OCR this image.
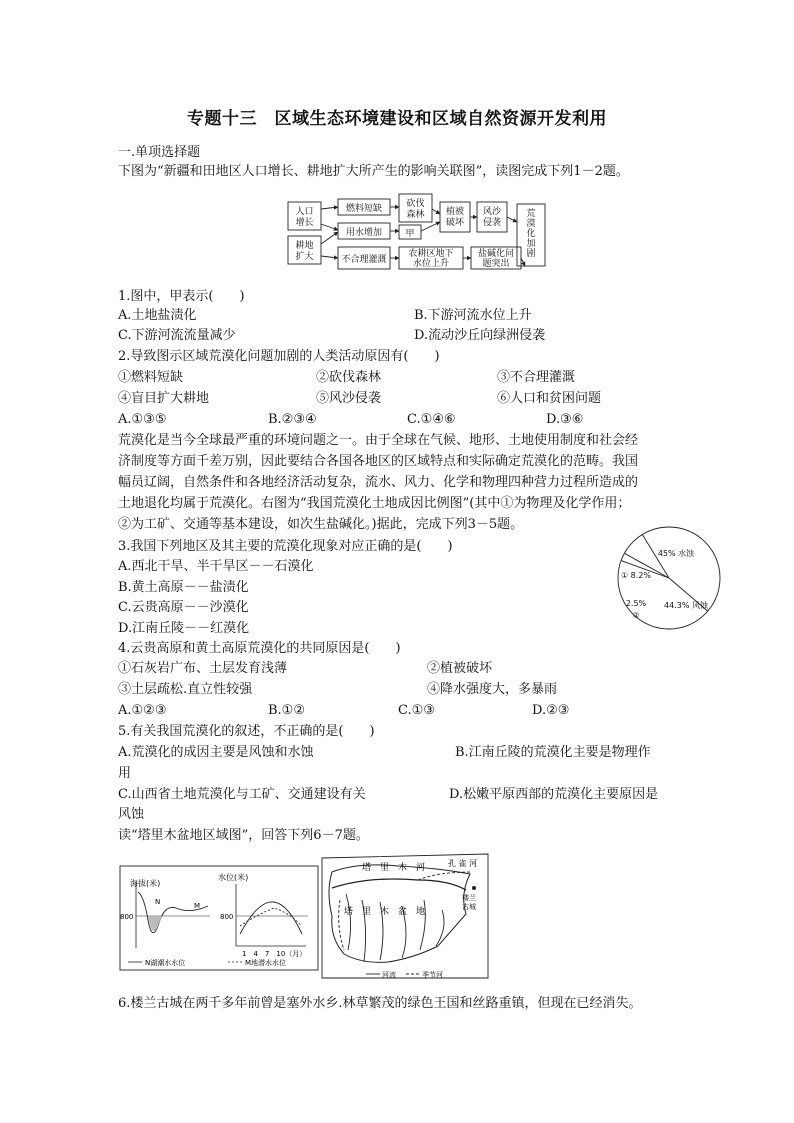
专题十三　区域生态环境建设和区域自然资源开发利用
一.单项选择题
下图为“新疆和田地区人口增长、耕地扩大所产生的影响关联图”，读图完成下列1－2题。
人口增长
耕地扩大
燃料短缺
用水增加
不合理灌溉
砍伐森林
甲
农耕区地下水位上升
植被破坏
风沙侵袭
盐碱化问题突出
荒漠化加剧
1.图中，甲表示(　　)
A.土地盐渍化	B.下游河流水位上升
C.下游河流流量减少	D.流动沙丘向绿洲侵袭
2.导致图示区域荒漠化问题加剧的人类活动原因有(　　)
①燃料短缺	②砍伐森林	③不合理灌溉
④盲目扩大耕地	⑤风沙侵袭	⑥人口和贫困问题
A.①③⑤	B.②③④	C.①④⑥	D.③⑥
荒漠化是当今全球最严重的环境问题之一。由于全球在气候、地形、土地使用制度和社会经
济制度等方面千差万别，因此要结合各国各地区的区域特点和实际确定荒漠化的范畴。我国
幅员辽阔，自然条件和各地经济活动复杂，流水、风力、化学和物理四种营力过程所造成的
土地退化均属于荒漠化。右图为“我国荒漠化土地成因比例图”(其中①为物理及化学作用；
②为工矿、交通等基本建设，如次生盐碱化。)据此，完成下列3－5题。
45% 水蚀
44.3% 风蚀
2.5%
① 8.2%
②
3.我国下列地区及其主要的荒漠化现象对应正确的是(　　)
A.西北干旱、半干旱区－－石漠化
B.黄土高原－－盐渍化
C.云贵高原－－沙漠化
D.江南丘陵－－红漠化
4.云贵高原和黄土高原荒漠化的共同原因是(　　)
①石灰岩广布、土层发育浅薄	②植被破坏
③土层疏松.直立性较强	④降水强度大，多暴雨
A.①②③	B.①②	C.①③	D.②③
5.有关我国荒漠化的叙述，不正确的是(　　)
A.荒漠化的成因主要是风蚀和水蚀	B.江南丘陵的荒漠化主要是物理作
用
C.山西省土地荒漠化与工矿、交通建设有关	D.松嫩平原西部的荒漠化主要原因是
风蚀
读“塔里木盆地区域图”，回答下列6－7题。
海拔(米)
N	M
800
N湖潮水水位
水位(米)
800
1　4　7　10（月）
M地潜水水位
塔　里　木　河	孔 雀 河
塔　里　木　盆　地
楼兰古城
河流	季节河
6.楼兰古城在两千多年前曾是塞外水乡.林草繁茂的绿色王国和丝路重镇，但现在已经消失。
